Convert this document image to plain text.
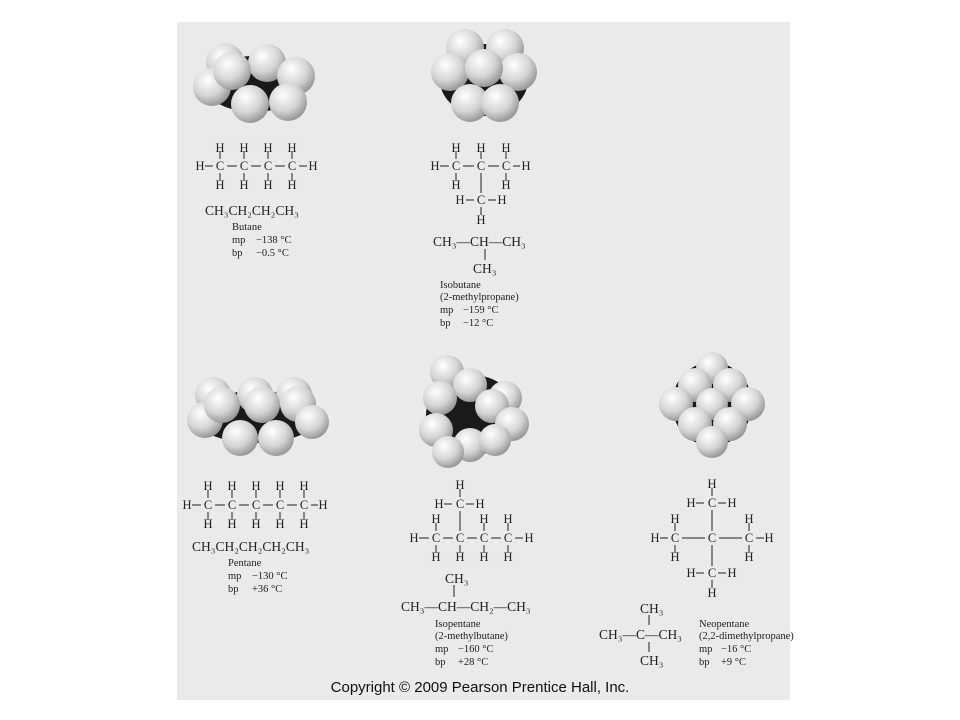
H H H H
H C C C C H
H H H H
H H H
H C C C H
H	H
H C H
H
H H H H H
H C C C C C H
H H H H H
H
H C H
H	H H
H C C C C H
H H H H
H
H C H
H	H
H C C C H
H	H
H C H
H
CH₃CH₂CH₂CH₃
Butane
mp −138 °C
bp −0.5 °C
CH₃—CH—CH₃
CH₃
Isobutane
(2-methylpropane)
mp −159 °C
bp −12 °C
CH₃CH₂CH₂CH₂CH₃
Pentane
mp −130 °C
bp +36 °C
CH₃
CH₃—CH—CH₂—CH₃
Isopentane
(2-methylbutane)
mp −160 °C
bp +28 °C
CH₃
CH₃—C—CH₃
CH₃
Neopentane
(2,2-dimethylpropane)
mp −16 °C
bp +9 °C
Copyright © 2009 Pearson Prentice Hall, Inc.
